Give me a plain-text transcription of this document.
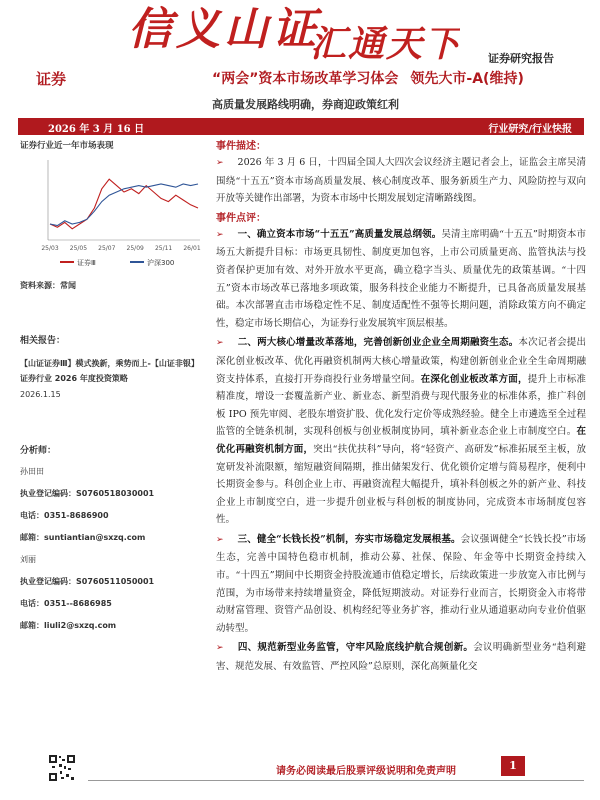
信义山证
汇通天下	证券研究报告
证券	“两会”资本市场改革学习体会 领先大市-A(维持)
高质量发展路线明确，券商迎政策红利
2026 年 3 月 16 日	行业研究/行业快报
证券行业近一年市场表现
25/03 25/05 25/07 25/09 25/11 26/01
证券Ⅲ	沪深300
资料来源：常闻
相关报告：
【山证证券Ⅲ】模式换新，乘势而上-【山证非银】证券行业 2026 年度投资策略
2026.1.15
分析师：
孙田田
执业登记编码：S0760518030001
电话：0351-8686900
邮箱：suntiantian@sxzq.com
刘丽
执业登记编码：S0760511050001
电话：0351--8686985
邮箱：liuli2@sxzq.com
事件描述：
➢ 2026 年 3 月 6 日，十四届全国人大四次会议经济主题记者会上，证监会主席吴清围绕“十五五”资本市场高质量发展、核心制度改革、服务新质生产力、风险防控与双向开放等关键作出部署，为资本市场中长期发展划定清晰路线图。
事件点评：
➢ 一、确立资本市场“十五五”高质量发展总纲领。吴清主席明确“十五五”时期资本市场五大新提升目标：市场更具韧性、制度更加包容，上市公司质量更高、监管执法与投资者保护更加有效、对外开放水平更高，确立稳字当头、质量优先的政策基调。“十四五”资本市场改革已落地多项政策，服务科技企业能力不断提升，已具备高质量发展基础。本次部署直击市场稳定性不足、制度适配性不强等长期问题，消除政策方向不确定性，稳定市场长期信心，为证券行业发展筑牢顶层根基。
➢ 二、两大核心增量改革落地，完善创新创业企业全周期融资生态。本次记者会提出深化创业板改革、优化再融资机制两大核心增量政策，构建创新创业企业全生命周期融资支持体系，直接打开券商投行业务增量空间。在深化创业板改革方面，提升上市标准精准度，增设一套覆盖新产业、新业态、新型消费与现代服务业的标准体系，推广科创板 IPO 预先审阅、老股东增资扩股、优化发行定价等成熟经验。健全上市遴选至全过程监管的全链条机制，实现科创板与创业板制度协同，填补新业态企业上市制度空白。在优化再融资机制方面，突出“扶优扶科”导向，将“轻资产、高研发”标准拓展至主板，放宽研发补流限额，缩短融资间隔期，推出储架发行、优化锁价定增与简易程序，便利中长期资金参与。科创企业上市、再融资流程大幅提升，填补科创板之外的新产业、科技企业上市制度空白，进一步提升创业板与科创板的制度协同，完成资本市场制度包容性。
➢ 三、健全“长钱长投”机制，夯实市场稳定发展根基。会议强调健全“长钱长投”市场生态，完善中国特色稳市机制，推动公募、社保、保险、年金等中长期资金持续入市。“十四五”期间中长期资金持股流通市值稳定增长，后续政策进一步放宽入市比例与范围，为市场带来持续增量资金，降低短期波动。对证券行业而言，长期资金入市将带动财富管理、资管产品创设、机构经纪等业务扩容，推动行业从通道驱动向专业价值驱动转型。
➢ 四、规范新型业务监管，守牢风险底线护航合规创新。会议明确新型业务“趋利避害、规范发展、有效监管、严控风险”总原则，深化高频量化交
请务必阅读最后股票评级说明和免责声明	1
